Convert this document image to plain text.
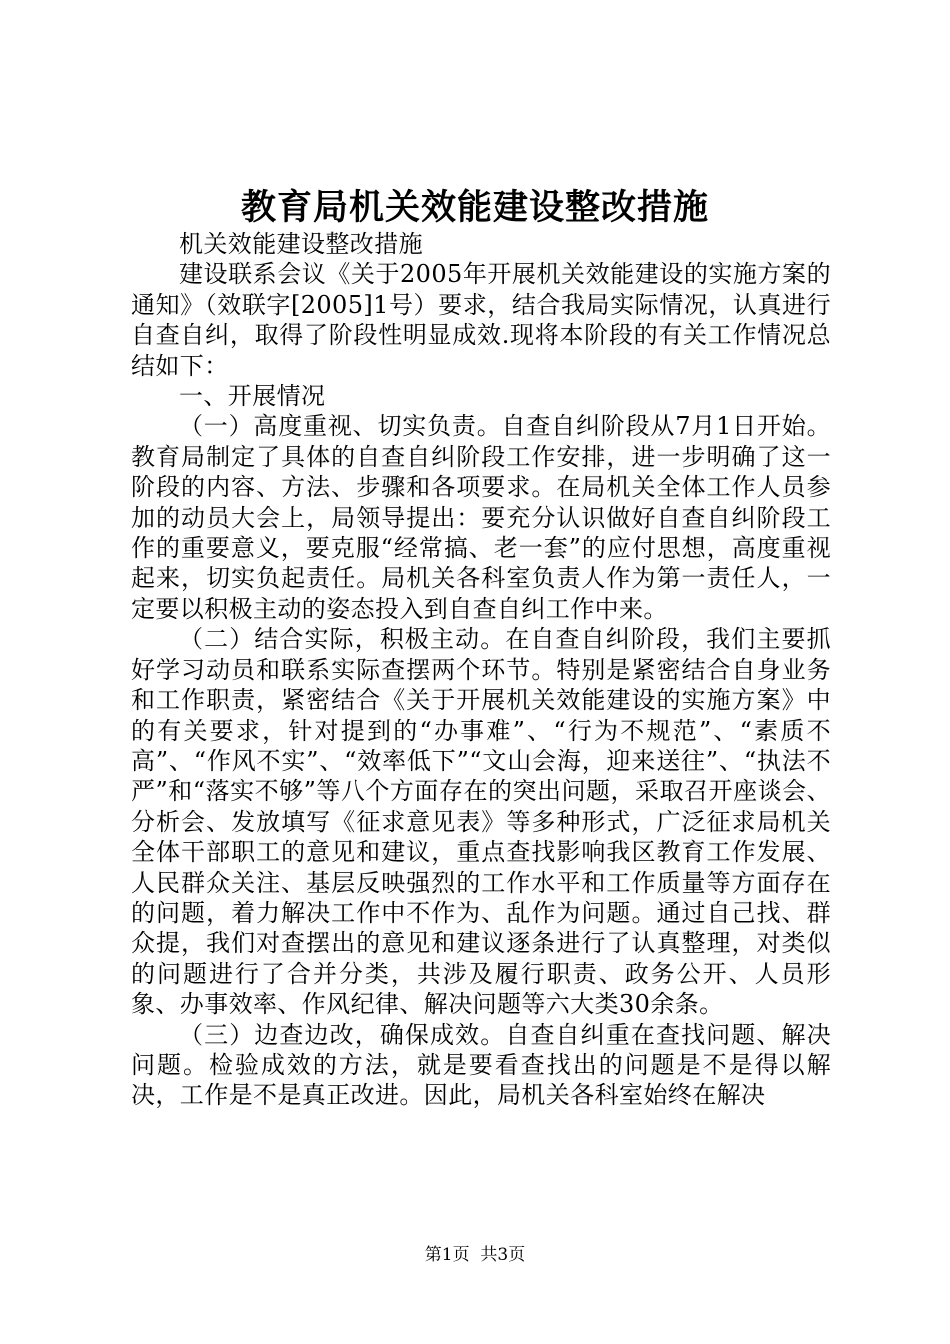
教育局机关效能建设整改措施

机关效能建设整改措施

建设联系会议《关于2005年开展机关效能建设的实施方案的通知》（效联字[2005]1号）要求，结合我局实际情况，认真进行自查自纠，取得了阶段性明显成效.现将本阶段的有关工作情况总结如下：

一、开展情况

（一）高度重视、切实负责。自查自纠阶段从7月1日开始。教育局制定了具体的自查自纠阶段工作安排，进一步明确了这一阶段的内容、方法、步骤和各项要求。在局机关全体工作人员参加的动员大会上，局领导提出：要充分认识做好自查自纠阶段工作的重要意义，要克服“经常搞、老一套”的应付思想，高度重视起来，切实负起责任。局机关各科室负责人作为第一责任人，一定要以积极主动的姿态投入到自查自纠工作中来。

（二）结合实际，积极主动。在自查自纠阶段，我们主要抓好学习动员和联系实际查摆两个环节。特别是紧密结合自身业务和工作职责，紧密结合《关于开展机关效能建设的实施方案》中的有关要求，针对提到的“办事难”、“行为不规范”、“素质不高”、“作风不实”、“效率低下”“文山会海，迎来送往”、“执法不严”和“落实不够”等八个方面存在的突出问题，采取召开座谈会、分析会、发放填写《征求意见表》等多种形式，广泛征求局机关全体干部职工的意见和建议，重点查找影响我区教育工作发展、人民群众关注、基层反映强烈的工作水平和工作质量等方面存在的问题，着力解决工作中不作为、乱作为问题。通过自己找、群众提，我们对查摆出的意见和建议逐条进行了认真整理，对类似的问题进行了合并分类，共涉及履行职责、政务公开、人员形象、办事效率、作风纪律、解决问题等六大类30余条。

（三）边查边改，确保成效。自查自纠重在查找问题、解决问题。检验成效的方法，就是要看查找出的问题是不是得以解决，工作是不是真正改进。因此，局机关各科室始终在解决

第1页 共3页
